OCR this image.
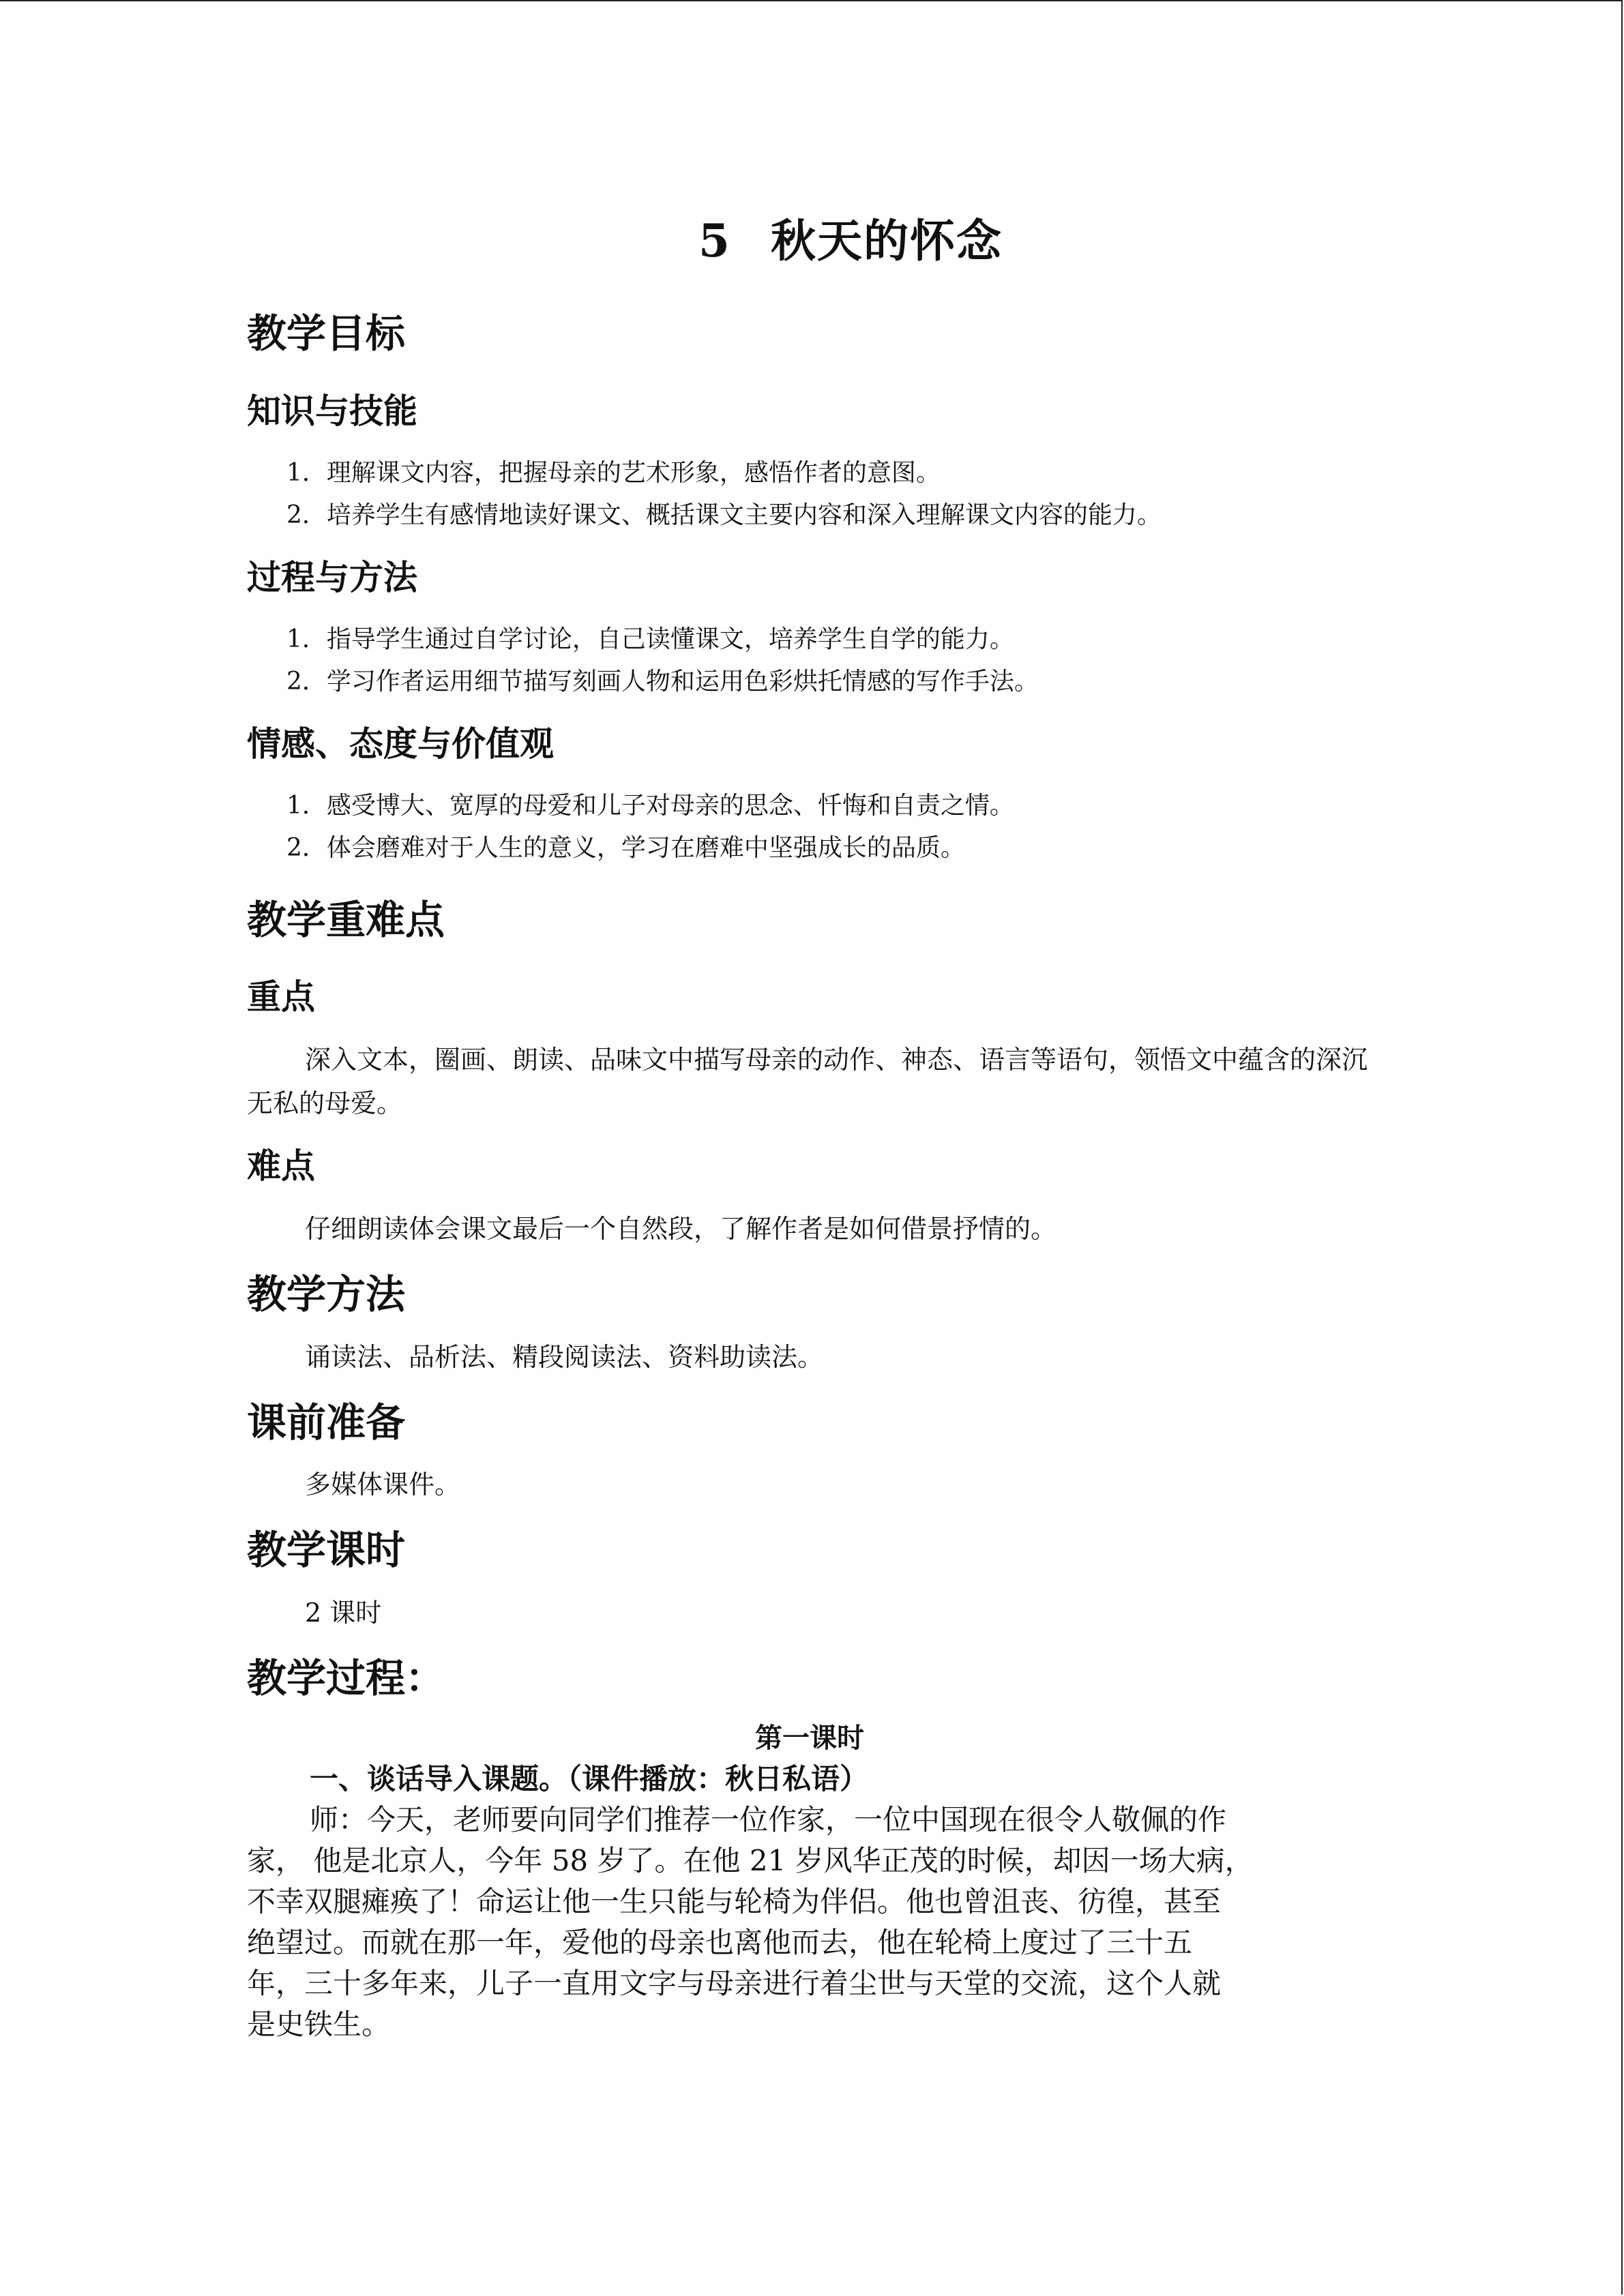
5 秋天的怀念
教学目标
知识与技能

1．理解课文内容，把握母亲的艺术形象，感悟作者的意图。

2．培养学生有感情地读好课文、概括课文主要内容和深入理解课文内容的能力。

过程与方法

1．指导学生通过自学讨论，自己读懂课文，培养学生自学的能力。

2．学习作者运用细节描写刻画人物和运用色彩烘托情感的写作手法。

情感、态度与价值观

1．感受博大、宽厚的母爱和儿子对母亲的思念、忏悔和自责之情。

2．体会磨难对于人生的意义，学习在磨难中坚强成长的品质。

教学重难点
重点

深入文本，圈画、朗读、品味文中描写母亲的动作、神态、语言等语句，领悟文中蕴含的深沉无私的母爱。

难点

仔细朗读体会课文最后一个自然段，了解作者是如何借景抒情的。

教学方法

诵读法、品析法、精段阅读法、资料助读法。

课前准备

多媒体课件。

教学课时

2 课时

教学过程：

第一课时

一、谈话导入课题。（课件播放：秋日私语）

师：今天，老师要向同学们推荐一位作家，一位中国现在很令人敬佩的作

家， 他是北京人，今年 58 岁了。在他 21 岁风华正茂的时候，却因一场大病，

不幸双腿瘫痪了！命运让他一生只能与轮椅为伴侣。他也曾沮丧、彷徨，甚至

绝望过。而就在那一年，爱他的母亲也离他而去，他在轮椅上度过了三十五

年，三十多年来，儿子一直用文字与母亲进行着尘世与天堂的交流，这个人就

是史铁生。
